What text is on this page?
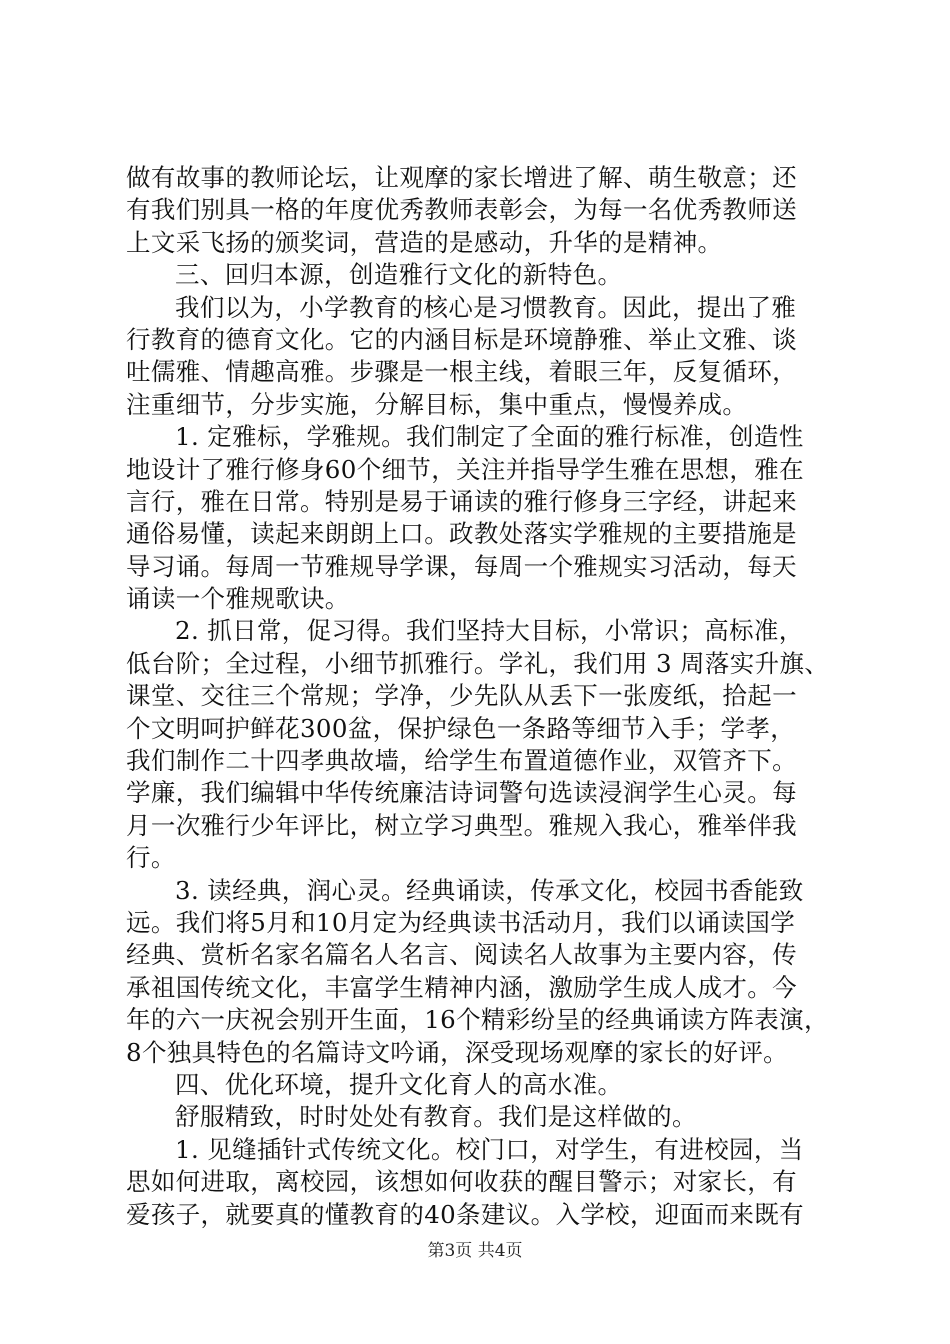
做有故事的教师论坛，让观摩的家长增进了解、萌生敬意；还
有我们别具一格的年度优秀教师表彰会，为每一名优秀教师送
上文采飞扬的颁奖词，营造的是感动，升华的是精神。
三、回归本源，创造雅行文化的新特色。
我们以为，小学教育的核心是习惯教育。因此，提出了雅
行教育的德育文化。它的内涵目标是环境静雅、举止文雅、谈
吐儒雅、情趣高雅。步骤是一根主线，着眼三年，反复循环，
注重细节，分步实施，分解目标，集中重点，慢慢养成。
1. 定雅标，学雅规。我们制定了全面的雅行标准，创造性
地设计了雅行修身60个细节，关注并指导学生雅在思想，雅在
言行，雅在日常。特别是易于诵读的雅行修身三字经，讲起来
通俗易懂，读起来朗朗上口。政教处落实学雅规的主要措施是
导习诵。每周一节雅规导学课，每周一个雅规实习活动，每天
诵读一个雅规歌诀。
2. 抓日常，促习得。我们坚持大目标，小常识；高标准，
低台阶；全过程，小细节抓雅行。学礼，我们用 3 周落实升旗、
课堂、交往三个常规；学净，少先队从丢下一张废纸，拾起一
个文明呵护鲜花300盆，保护绿色一条路等细节入手；学孝，
我们制作二十四孝典故墙，给学生布置道德作业，双管齐下。
学廉，我们编辑中华传统廉洁诗词警句选读浸润学生心灵。每
月一次雅行少年评比，树立学习典型。雅规入我心，雅举伴我
行。
3. 读经典，润心灵。经典诵读，传承文化，校园书香能致
远。我们将5月和10月定为经典读书活动月，我们以诵读国学
经典、赏析名家名篇名人名言、阅读名人故事为主要内容，传
承祖国传统文化，丰富学生精神内涵，激励学生成人成才。今
年的六一庆祝会别开生面，16个精彩纷呈的经典诵读方阵表演，
8个独具特色的名篇诗文吟诵，深受现场观摩的家长的好评。
四、优化环境，提升文化育人的高水准。
舒服精致，时时处处有教育。我们是这样做的。
1. 见缝插针式传统文化。校门口，对学生，有进校园，当
思如何进取，离校园，该想如何收获的醒目警示；对家长，有
爱孩子，就要真的懂教育的40条建议。入学校，迎面而来既有
第3页 共4页
